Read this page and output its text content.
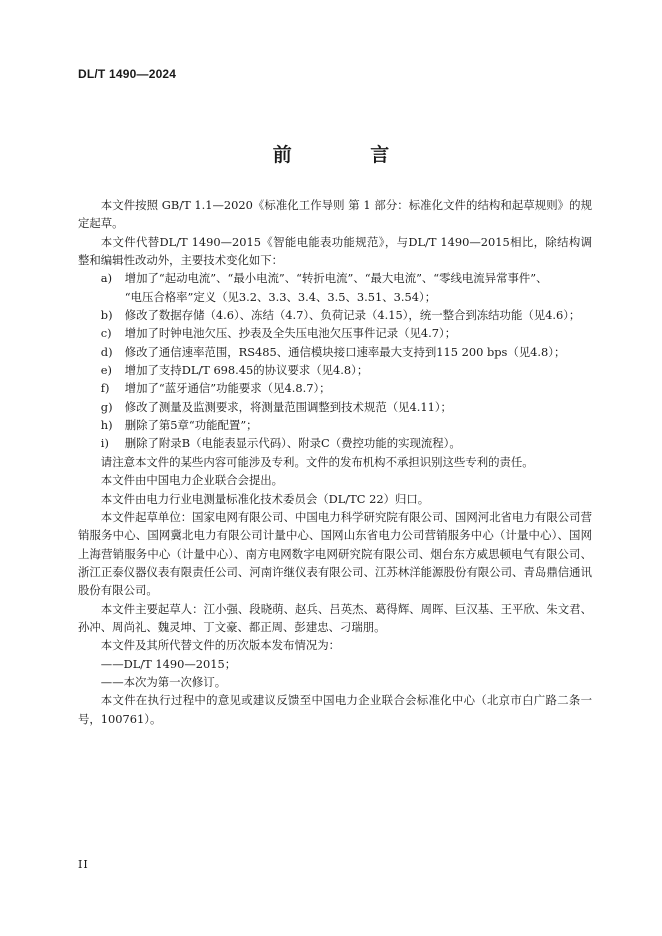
DL/T 1490—2024
前 言

本文件按照 GB/T 1.1—2020《标准化工作导则 第 1 部分：标准化文件的结构和起草规则》的规定起草。

本文件代替DL/T 1490—2015《智能电能表功能规范》，与DL/T 1490—2015相比，除结构调整和编辑性改动外，主要技术变化如下：

a)	增加了“起动电流”、“最小电流”、“转折电流”、“最大电流”、“零线电流异常事件”、

“电压合格率”定义（见3.2、3.3、3.4、3.5、3.51、3.54）；

b)	修改了数据存储（4.6）、冻结（4.7）、负荷记录（4.15），统一整合到冻结功能（见4.6）；
c)	增加了时钟电池欠压、抄表及全失压电池欠压事件记录（见4.7）；
d)	修改了通信速率范围，RS485、通信模块接口速率最大支持到115 200 bps（见4.8）；
e)	增加了支持DL/T 698.45的协议要求（见4.8）；
f)	增加了“蓝牙通信”功能要求（见4.8.7）；
g)	修改了测量及监测要求，将测量范围调整到技术规范（见4.11）；
h)	删除了第5章“功能配置”；
i)	删除了附录B（电能表显示代码）、附录C（费控功能的实现流程）。

请注意本文件的某些内容可能涉及专利。文件的发布机构不承担识别这些专利的责任。

本文件由中国电力企业联合会提出。

本文件由电力行业电测量标准化技术委员会（DL/TC 22）归口。

本文件起草单位：国家电网有限公司、中国电力科学研究院有限公司、国网河北省电力有限公司营销服务中心、国网冀北电力有限公司计量中心、国网山东省电力公司营销服务中心（计量中心）、国网上海营销服务中心（计量中心）、南方电网数字电网研究院有限公司、烟台东方威思顿电气有限公司、浙江正泰仪器仪表有限责任公司、河南许继仪表有限公司、江苏林洋能源股份有限公司、青岛鼎信通讯股份有限公司。

本文件主要起草人：江小强、段晓萌、赵兵、吕英杰、葛得辉、周晖、巨汉基、王平欣、朱文君、孙冲、周尚礼、魏灵坤、丁文豪、都正周、彭建忠、刁瑞朋。

本文件及其所代替文件的历次版本发布情况为：

——DL/T 1490—2015；

——本次为第一次修订。

本文件在执行过程中的意见或建议反馈至中国电力企业联合会标准化中心（北京市白广路二条一号，100761）。

II
